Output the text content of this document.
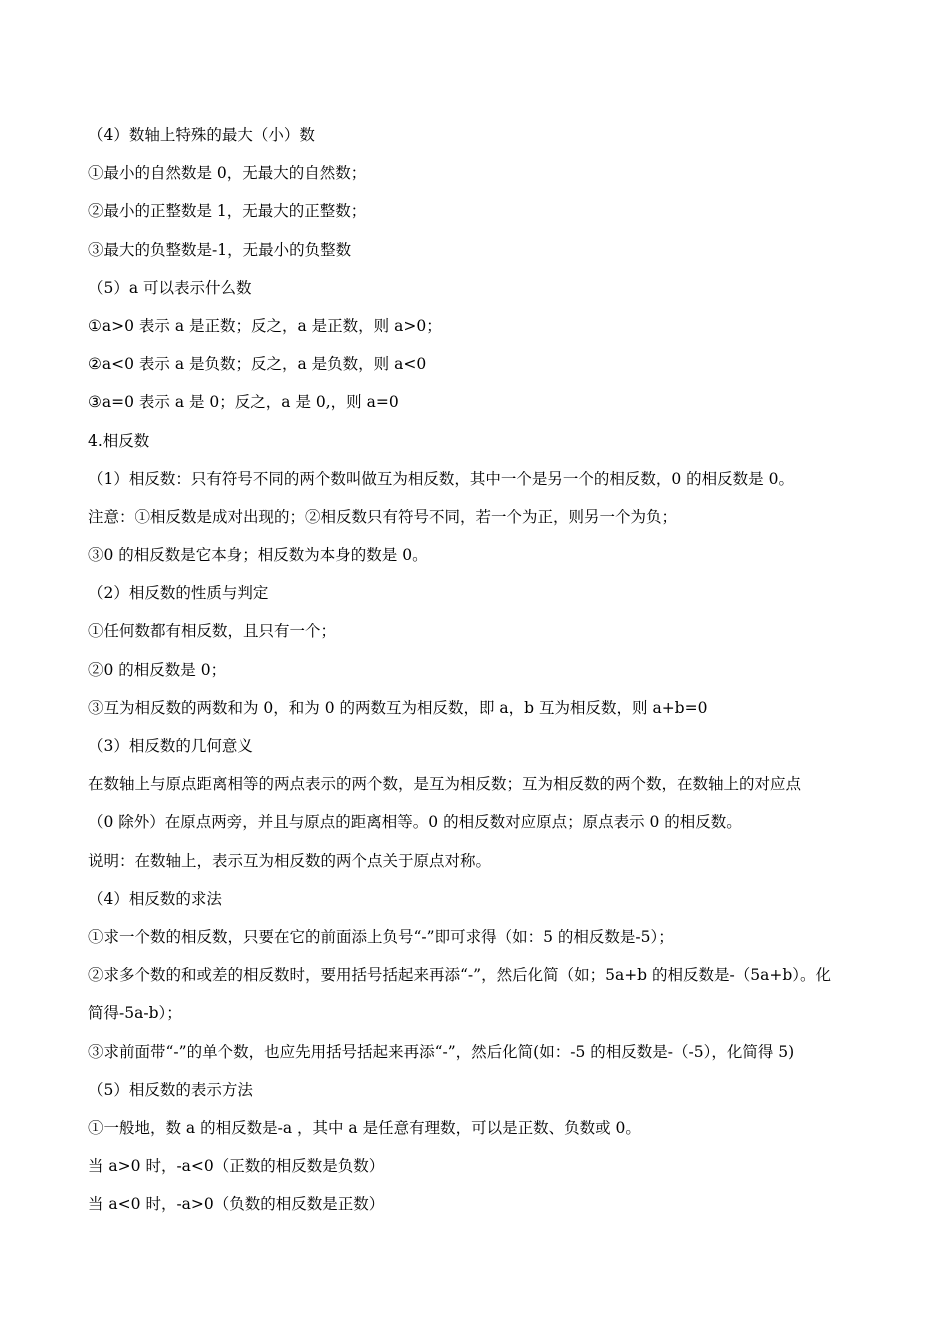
（4）数轴上特殊的最大（小）数
①最小的自然数是 0，无最大的自然数；
②最小的正整数是 1，无最大的正整数；
③最大的负整数是-1，无最小的负整数
（5）a 可以表示什么数
①a>0 表示 a 是正数；反之，a 是正数，则 a>0；
②a<0 表示 a 是负数；反之，a 是负数，则 a<0
③a=0 表示 a 是 0；反之，a 是 0,，则 a=0
4.相反数
（1）相反数：只有符号不同的两个数叫做互为相反数，其中一个是另一个的相反数，0 的相反数是 0。
注意：①相反数是成对出现的；②相反数只有符号不同，若一个为正，则另一个为负；
③0 的相反数是它本身；相反数为本身的数是 0。
（2）相反数的性质与判定
①任何数都有相反数，且只有一个；
②0 的相反数是 0；
③互为相反数的两数和为 0，和为 0 的两数互为相反数，即 a，b 互为相反数，则 a+b=0
（3）相反数的几何意义
在数轴上与原点距离相等的两点表示的两个数，是互为相反数；互为相反数的两个数，在数轴上的对应点
（0 除外）在原点两旁，并且与原点的距离相等。0 的相反数对应原点；原点表示 0 的相反数。
说明：在数轴上，表示互为相反数的两个点关于原点对称。
（4）相反数的求法
①求一个数的相反数，只要在它的前面添上负号“-”即可求得（如：5 的相反数是-5）；
②求多个数的和或差的相反数时，要用括号括起来再添“-”，然后化简（如；5a+b 的相反数是-（5a+b）。化
简得-5a-b）；
③求前面带“-”的单个数，也应先用括号括起来再添“-”，然后化简(如：-5 的相反数是-（-5），化简得 5)
（5）相反数的表示方法
①一般地，数 a 的相反数是-a ，其中 a 是任意有理数，可以是正数、负数或 0。
当 a>0 时，-a<0（正数的相反数是负数）
当 a<0 时，-a>0（负数的相反数是正数）
